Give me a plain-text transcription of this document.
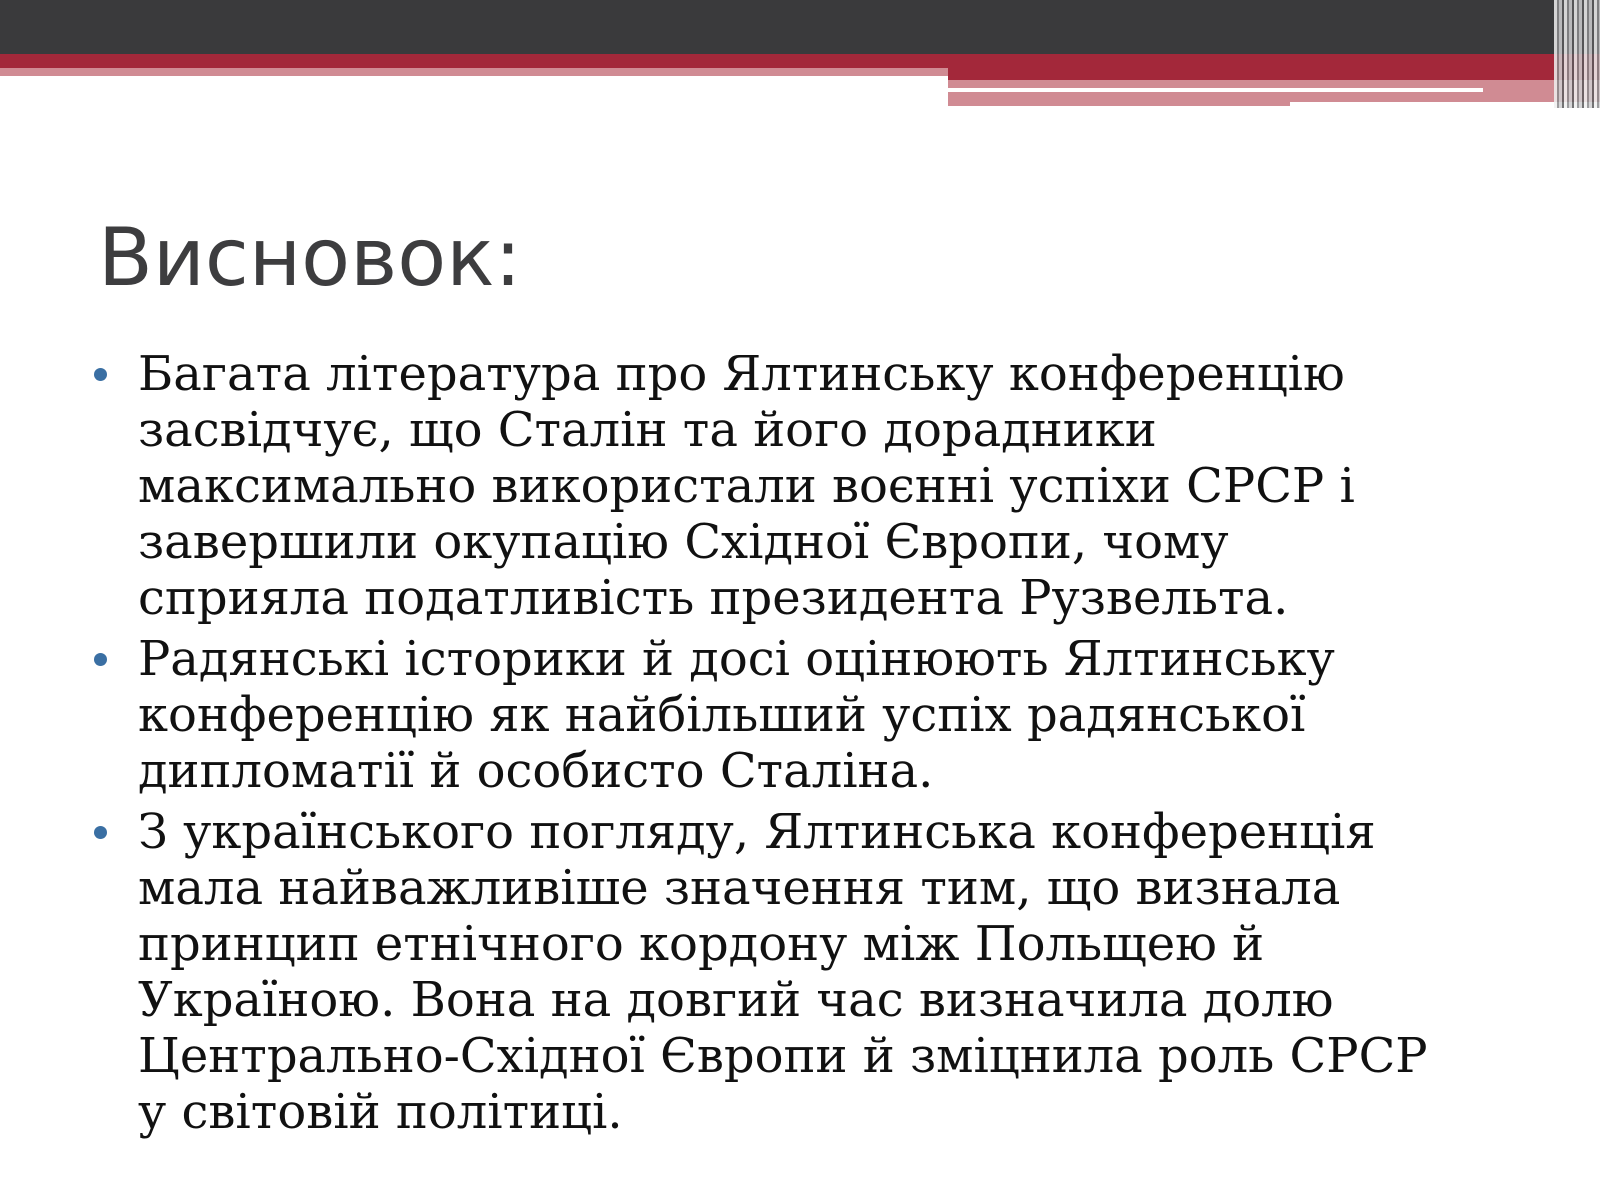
Висновок:
Багата література про Ялтинську конференцію
засвідчує, що Сталін та його дорадники
максимально використали воєнні успіхи СРСР і
завершили окупацію Східної Європи, чому
сприяла податливість президента Рузвельта.
Радянські історики й досі оцінюють Ялтинську
конференцію як найбільший успіх радянської
дипломатії й особисто Сталіна.
З українського погляду, Ялтинська конференція
мала найважливіше значення тим, що визнала
принцип етнічного кордону між Польщею й
Україною. Вона на довгий час визначила долю
Центрально-Східної Європи й зміцнила роль СРСР
у світовій політиці.
